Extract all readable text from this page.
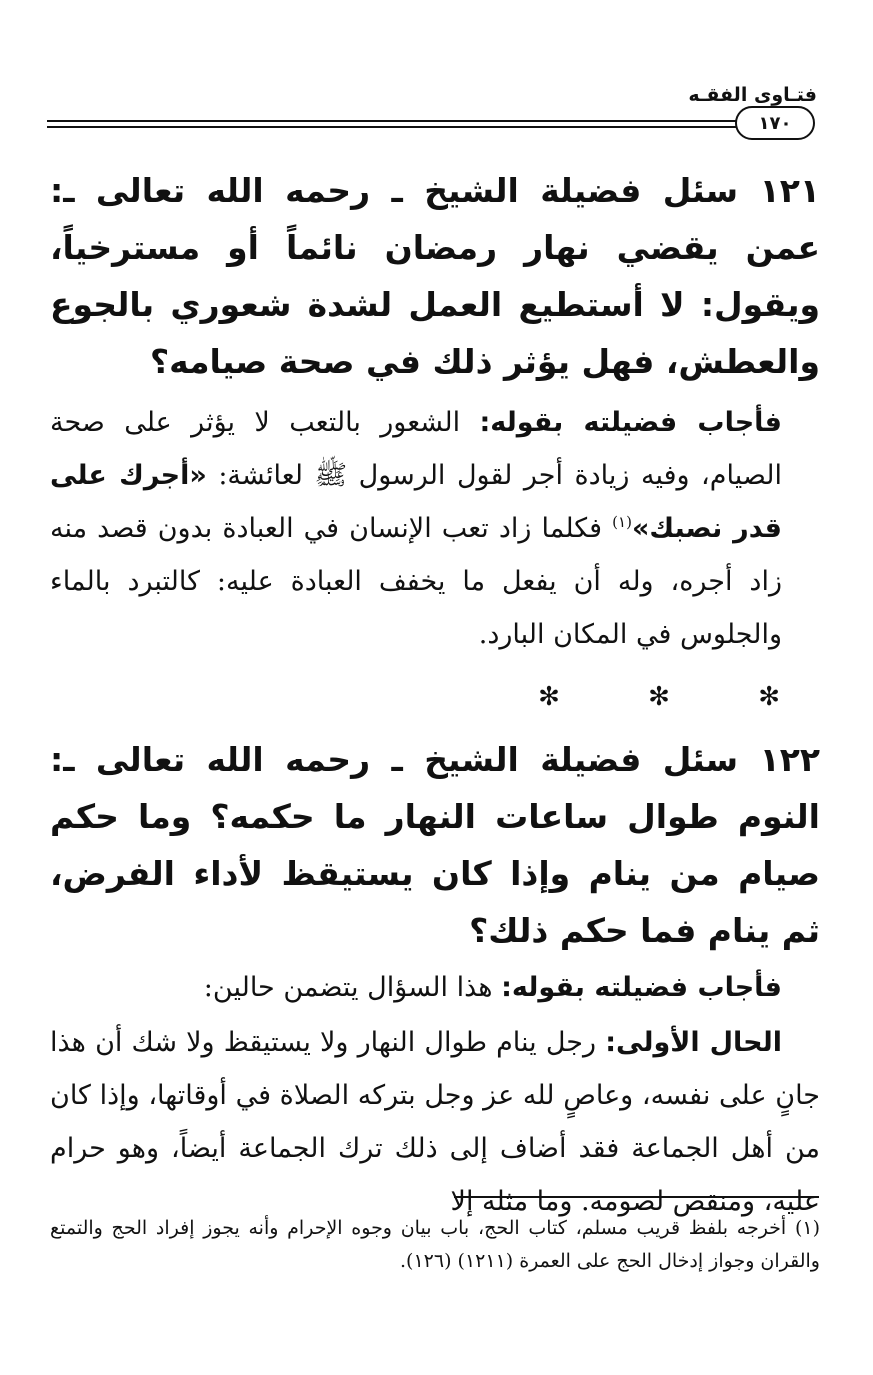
فتـاوى الفقـه
١٧٠

١٢١ سئل فضيلة الشيخ ـ رحمه الله تعالى ـ: عمن يقضي نهار رمضان نائماً أو مسترخياً، ويقول: لا أستطيع العمل لشدة شعوري بالجوع والعطش، فهل يؤثر ذلك في صحة صيامه؟

فأجاب فضيلته بقوله: الشعور بالتعب لا يؤثر على صحة الصيام، وفيه زيادة أجر لقول الرسول ﷺ لعائشة: «أجرك على قدر نصبك»$^{(١)}$ فكلما زاد تعب الإنسان في العبادة بدون قصد منه زاد أجره، وله أن يفعل ما يخفف العبادة عليه: كالتبرد بالماء والجلوس في المكان البارد.

✻ ✻ ✻

١٢٢ سئل فضيلة الشيخ ـ رحمه الله تعالى ـ: النوم طوال ساعات النهار ما حكمه؟ وما حكم صيام من ينام وإذا كان يستيقظ لأداء الفرض، ثم ينام فما حكم ذلك؟

فأجاب فضيلته بقوله: هذا السؤال يتضمن حالين:

الحال الأولى: رجل ينام طوال النهار ولا يستيقظ ولا شك أن هذا جانٍ على نفسه، وعاصٍ لله عز وجل بتركه الصلاة في أوقاتها، وإذا كان من أهل الجماعة فقد أضاف إلى ذلك ترك الجماعة أيضاً، وهو حرام عليه، ومنقص لصومه. وما مثله إلا

(١) أخرجه بلفظ قريب مسلم، كتاب الحج، باب بيان وجوه الإحرام وأنه يجوز إفراد الحج والتمتع والقران وجواز إدخال الحج على العمرة (١٢١١) (١٢٦).
